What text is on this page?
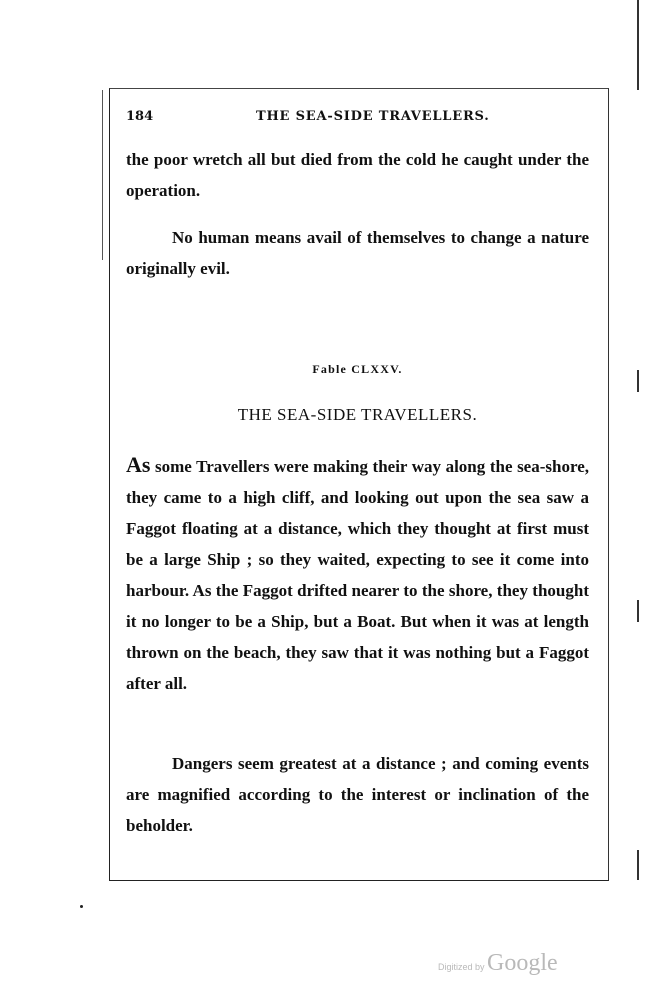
184	THE SEA-SIDE TRAVELLERS.
the poor wretch all but died from the cold he caught under the operation.
No human means avail of themselves to change a nature originally evil.
Fable CLXXV.
THE SEA-SIDE TRAVELLERS.
As some Travellers were making their way along the sea-shore, they came to a high cliff, and looking out upon the sea saw a Faggot floating at a distance, which they thought at first must be a large Ship ; so they waited, expecting to see it come into harbour. As the Faggot drifted nearer to the shore, they thought it no longer to be a Ship, but a Boat. But when it was at length thrown on the beach, they saw that it was nothing but a Faggot after all.
Dangers seem greatest at a distance ; and coming events are magnified according to the interest or inclination of the beholder.
Digitized by Google
